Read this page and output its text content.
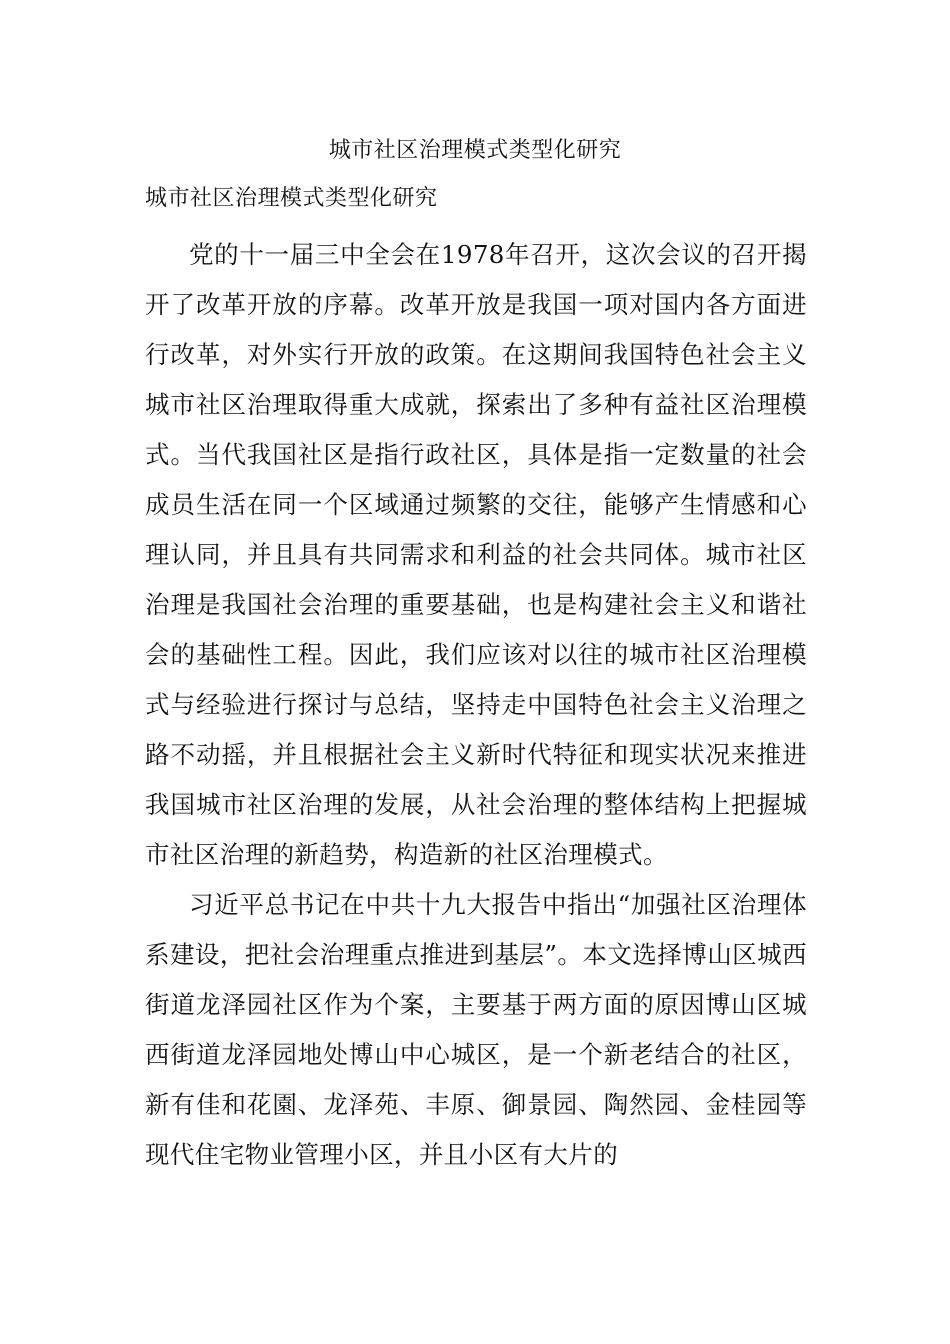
城市社区治理模式类型化研究
城市社区治理模式类型化研究

党的十一届三中全会在1978年召开，这次会议的召开揭开了改革开放的序幕。改革开放是我国一项对国内各方面进行改革，对外实行开放的政策。在这期间我国特色社会主义城市社区治理取得重大成就，探索出了多种有益社区治理模式。当代我国社区是指行政社区，具体是指一定数量的社会成员生活在同一个区域通过频繁的交往，能够产生情感和心理认同，并且具有共同需求和利益的社会共同体。城市社区治理是我国社会治理的重要基础，也是构建社会主义和谐社会的基础性工程。因此，我们应该对以往的城市社区治理模式与经验进行探讨与总结，坚持走中国特色社会主义治理之路不动摇，并且根据社会主义新时代特征和现实状况来推进我国城市社区治理的发展，从社会治理的整体结构上把握城市社区治理的新趋势，构造新的社区治理模式。

习近平总书记在中共十九大报告中指出“加强社区治理体系建设，把社会治理重点推进到基层”。本文选择博山区城西街道龙泽园社区作为个案，主要基于两方面的原因博山区城西街道龙泽园地处博山中心城区，是一个新老结合的社区，新有佳和花園、龙泽苑、丰原、御景园、陶然园、金桂园等现代住宅物业管理小区，并且小区有大片的
